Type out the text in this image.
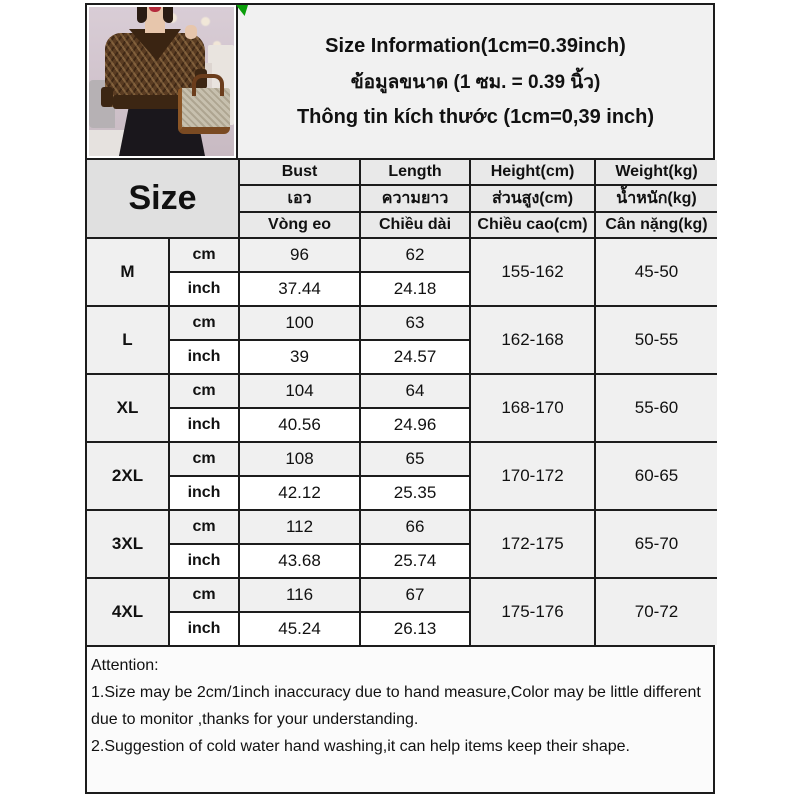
Size Information(1cm=0.39inch)
ข้อมูลขนาด (1 ซม. = 0.39 นิ้ว)
Thông tin kích thước (1cm=0,39 inch)
Size		Bust	Length	Height(cm)	Weight(kg)
		เอว	ความยาว	ส่วนสูง(cm)	น้ำหนัก(kg)
		Vòng eo	Chiều dài	Chiều cao(cm)	Cân nặng(kg)
M	cm	96	62	155-162	45-50
	inch	37.44	24.18		
L	cm	100	63	162-168	50-55
	inch	39	24.57		
XL	cm	104	64	168-170	55-60
	inch	40.56	24.96		
2XL	cm	108	65	170-172	60-65
	inch	42.12	25.35		
3XL	cm	112	66	172-175	65-70
	inch	43.68	25.74		
4XL	cm	116	67	175-176	70-72
	inch	45.24	26.13		
Attention:
1.Size may be 2cm/1inch inaccuracy due to hand measure,Color may be little different
due to monitor ,thanks for your understanding.
2.Suggestion of cold water hand washing,it can help items keep their shape.
